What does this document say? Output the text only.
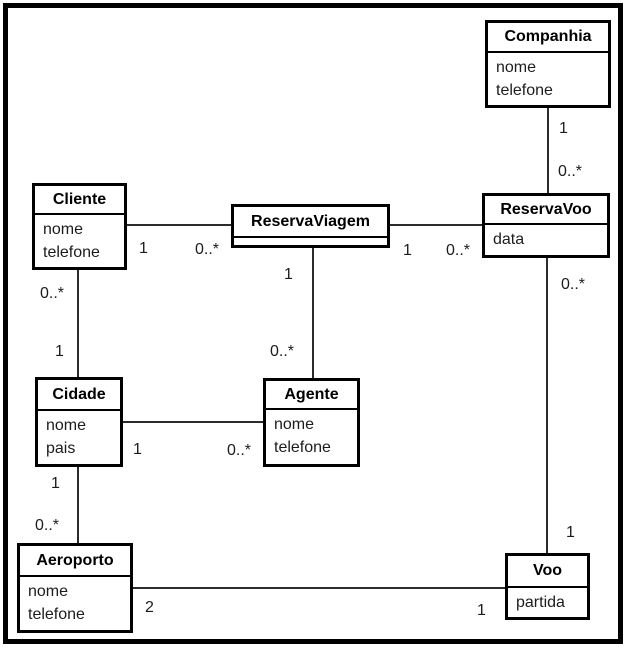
Companhia
nome
telefone
Cliente
nome
telefone
ReservaViagem
ReservaVoo
data
Cidade
nome
pais
Agente
nome
telefone
Aeroporto
nome
telefone
Voo
partida
1	0..*	1 0..*
1
0..*
1
0..*
0..*
1
1	0..*
1
0..*
0..*
1
2	1
